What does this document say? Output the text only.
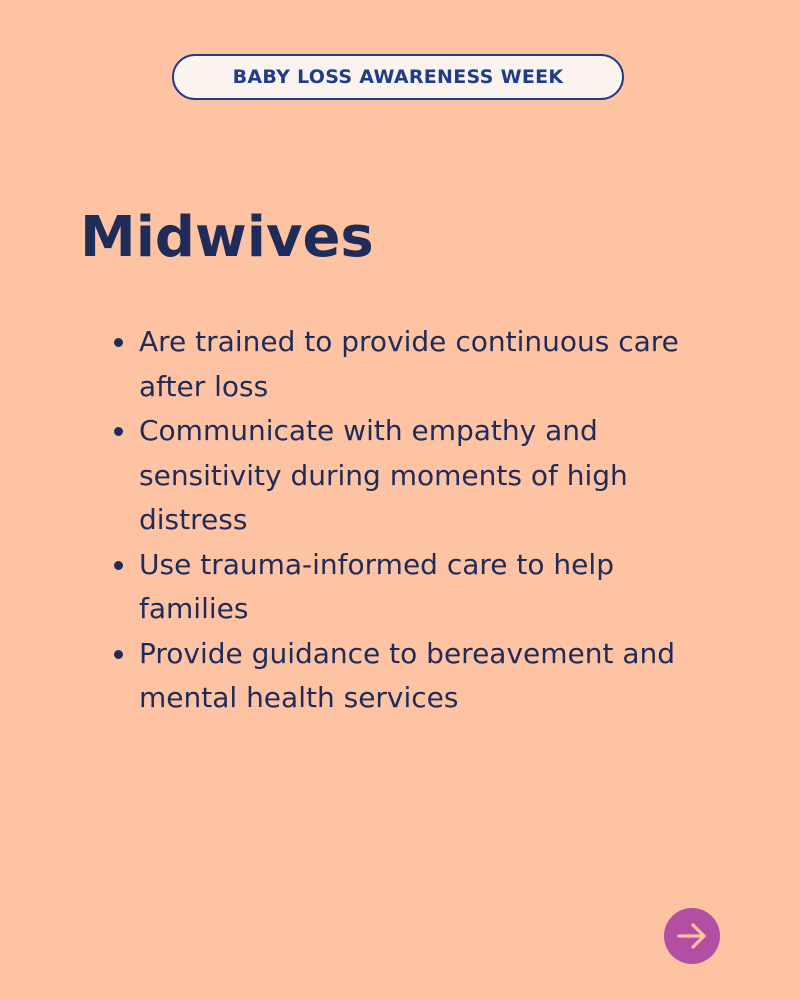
BABY LOSS AWARENESS WEEK
Midwives
Are trained to provide continuous care after loss
Communicate with empathy and sensitivity during moments of high distress
Use trauma-informed care to help families
Provide guidance to bereavement and mental health services
